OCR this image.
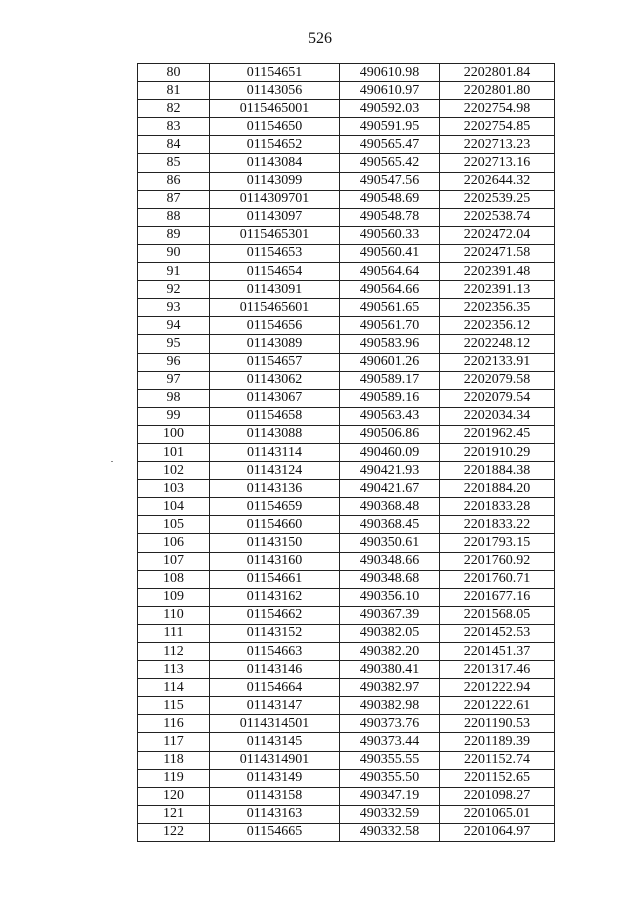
526
80	01154651	490610.98	2202801.84
81	01143056	490610.97	2202801.80
82	0115465001	490592.03	2202754.98
83	01154650	490591.95	2202754.85
84	01154652	490565.47	2202713.23
85	01143084	490565.42	2202713.16
86	01143099	490547.56	2202644.32
87	0114309701	490548.69	2202539.25
88	01143097	490548.78	2202538.74
89	0115465301	490560.33	2202472.04
90	01154653	490560.41	2202471.58
91	01154654	490564.64	2202391.48
92	01143091	490564.66	2202391.13
93	0115465601	490561.65	2202356.35
94	01154656	490561.70	2202356.12
95	01143089	490583.96	2202248.12
96	01154657	490601.26	2202133.91
97	01143062	490589.17	2202079.58
98	01143067	490589.16	2202079.54
99	01154658	490563.43	2202034.34
100	01143088	490506.86	2201962.45
101	01143114	490460.09	2201910.29
102	01143124	490421.93	2201884.38
103	01143136	490421.67	2201884.20
104	01154659	490368.48	2201833.28
105	01154660	490368.45	2201833.22
106	01143150	490350.61	2201793.15
107	01143160	490348.66	2201760.92
108	01154661	490348.68	2201760.71
109	01143162	490356.10	2201677.16
110	01154662	490367.39	2201568.05
111	01143152	490382.05	2201452.53
112	01154663	490382.20	2201451.37
113	01143146	490380.41	2201317.46
114	01154664	490382.97	2201222.94
115	01143147	490382.98	2201222.61
116	0114314501	490373.76	2201190.53
117	01143145	490373.44	2201189.39
118	0114314901	490355.55	2201152.74
119	01143149	490355.50	2201152.65
120	01143158	490347.19	2201098.27
121	01143163	490332.59	2201065.01
122	01154665	490332.58	2201064.97
